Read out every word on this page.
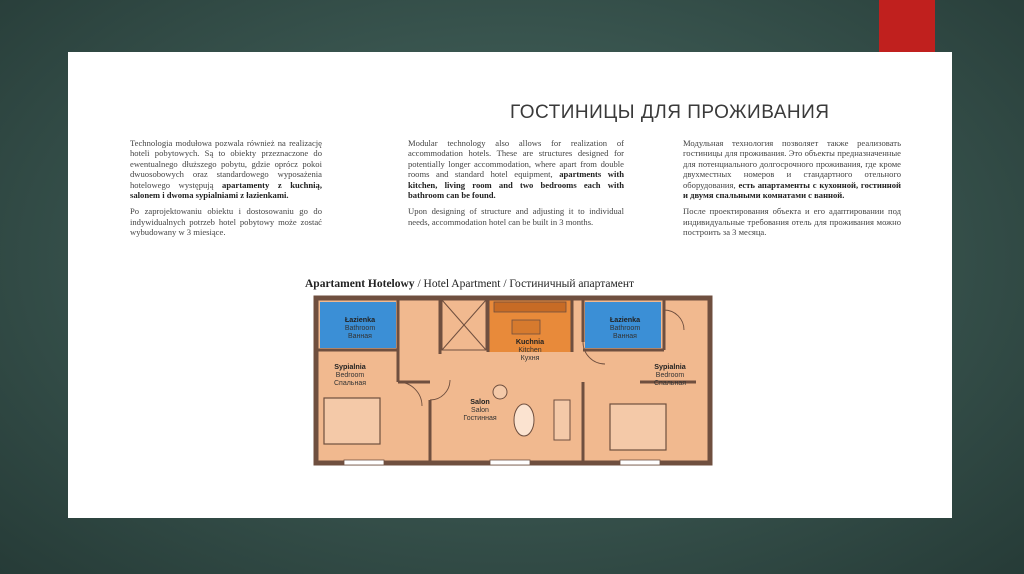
ГОСТИНИЦЫ ДЛЯ ПРОЖИВАНИЯ

Technologia modułowa pozwala również na realizację hoteli pobytowych. Są to obiekty przeznaczone do ewentualnego dłuższego pobytu, gdzie oprócz pokoi dwuosobowych oraz standardowego wyposażenia hotelowego występują apartamenty z kuchnią, salonem i dwoma sypialniami z łazienkami.

Po zaprojektowaniu obiektu i dostosowaniu go do indywidualnych potrzeb hotel pobytowy może zostać wybudowany w 3 miesiące.

Modular technology also allows for realization of accommodation hotels. These are structures designed for potentially longer accommodation, where apart from double rooms and standard hotel equipment, apartments with kitchen, living room and two bedrooms each with bathroom can be found.

Upon designing of structure and adjusting it to individual needs, accommodation hotel can be built in 3 months.

Модульная технология позволяет также реализовать гостиницы для проживания. Это объекты предназначенные для потенциального долгосрочного проживания, где кроме двухместных номеров и стандартного отельного оборудования, есть апартаменты с кухонной, гостинной и двумя спальными комнатами с ванной.

После проектирования объекта и его адаптировании под индивидуальные требования отель для проживания можно построить за 3 месяца.

Apartament Hotelowy / Hotel Apartment / Гостиничный апартамент
Łazienka
Bathroom
Ванная
Łazienka
Bathroom
Ванная
Kuchnia
Kitchen
Кухня
Sypialnia
Bedroom
Спальная
Sypialnia
Bedroom
Спальная
Salon
Salon
Гостинная
